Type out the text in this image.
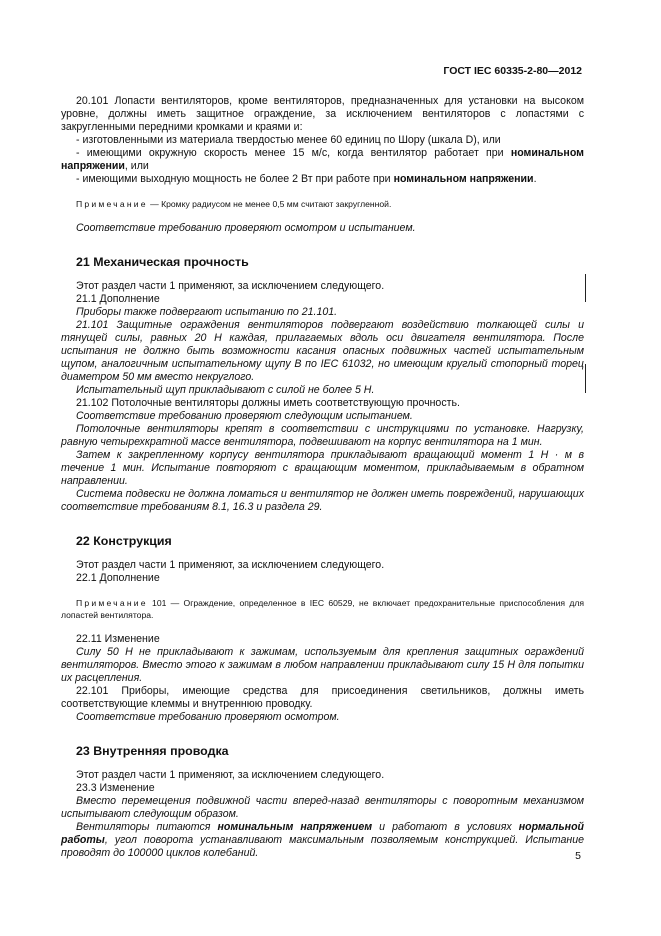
ГОСТ IEC 60335-2-80—2012

20.101 Лопасти вентиляторов, кроме вентиляторов, предназначенных для установки на высоком уровне, должны иметь защитное ограждение, за исключением вентиляторов с лопастями с закругленными передними кромками и краями и:

- изготовленными из материала твердостью менее 60 единиц по Шору (шкала D), или

- имеющими окружную скорость менее 15 м/с, когда вентилятор работает при номинальном напряжении, или

- имеющими выходную мощность не более 2 Вт при работе при номинальном напряжении.

Примечание — Кромку радиусом не менее 0,5 мм считают закругленной.

Соответствие требованию проверяют осмотром и испытанием.

21 Механическая прочность

Этот раздел части 1 применяют, за исключением следующего.

21.1 Дополнение

Приборы также подвергают испытанию по 21.101.

21.101 Защитные ограждения вентиляторов подвергают воздействию толкающей силы и тянущей силы, равных 20 Н каждая, прилагаемых вдоль оси двигателя вентилятора. После испытания не должно быть возможности касания опасных подвижных частей испытательным щупом, аналогичным испытательному щупу B по IEC 61032, но имеющим круглый стопорный торец диаметром 50 мм вместо некруглого.

Испытательный щуп прикладывают с силой не более 5 Н.

21.102 Потолочные вентиляторы должны иметь соответствующую прочность.

Соответствие требованию проверяют следующим испытанием.

Потолочные вентиляторы крепят в соответствии с инструкциями по установке. Нагрузку, равную четырехкратной массе вентилятора, подвешивают на корпус вентилятора на 1 мин.

Затем к закрепленному корпусу вентилятора прикладывают вращающий момент 1 Н · м в течение 1 мин. Испытание повторяют с вращающим моментом, прикладываемым в обратном направлении.

Система подвески не должна ломаться и вентилятор не должен иметь повреждений, нарушающих соответствие требованиям 8.1, 16.3 и раздела 29.

22 Конструкция

Этот раздел части 1 применяют, за исключением следующего.

22.1 Дополнение

Примечание 101 — Ограждение, определенное в IEC 60529, не включает предохранительные приспособления для лопастей вентилятора.

22.11 Изменение

Силу 50 Н не прикладывают к зажимам, используемым для крепления защитных ограждений вентиляторов. Вместо этого к зажимам в любом направлении прикладывают силу 15 Н для попытки их расцепления.

22.101 Приборы, имеющие средства для присоединения светильников, должны иметь соответствующие клеммы и внутреннюю проводку.

Соответствие требованию проверяют осмотром.

23 Внутренняя проводка

Этот раздел части 1 применяют, за исключением следующего.

23.3 Изменение

Вместо перемещения подвижной части вперед-назад вентиляторы с поворотным механизмом испытывают следующим образом.

Вентиляторы питаются номинальным напряжением и работают в условиях нормальной работы, угол поворота устанавливают максимальным позволяемым конструкцией. Испытание проводят до 100000 циклов колебаний.	5
